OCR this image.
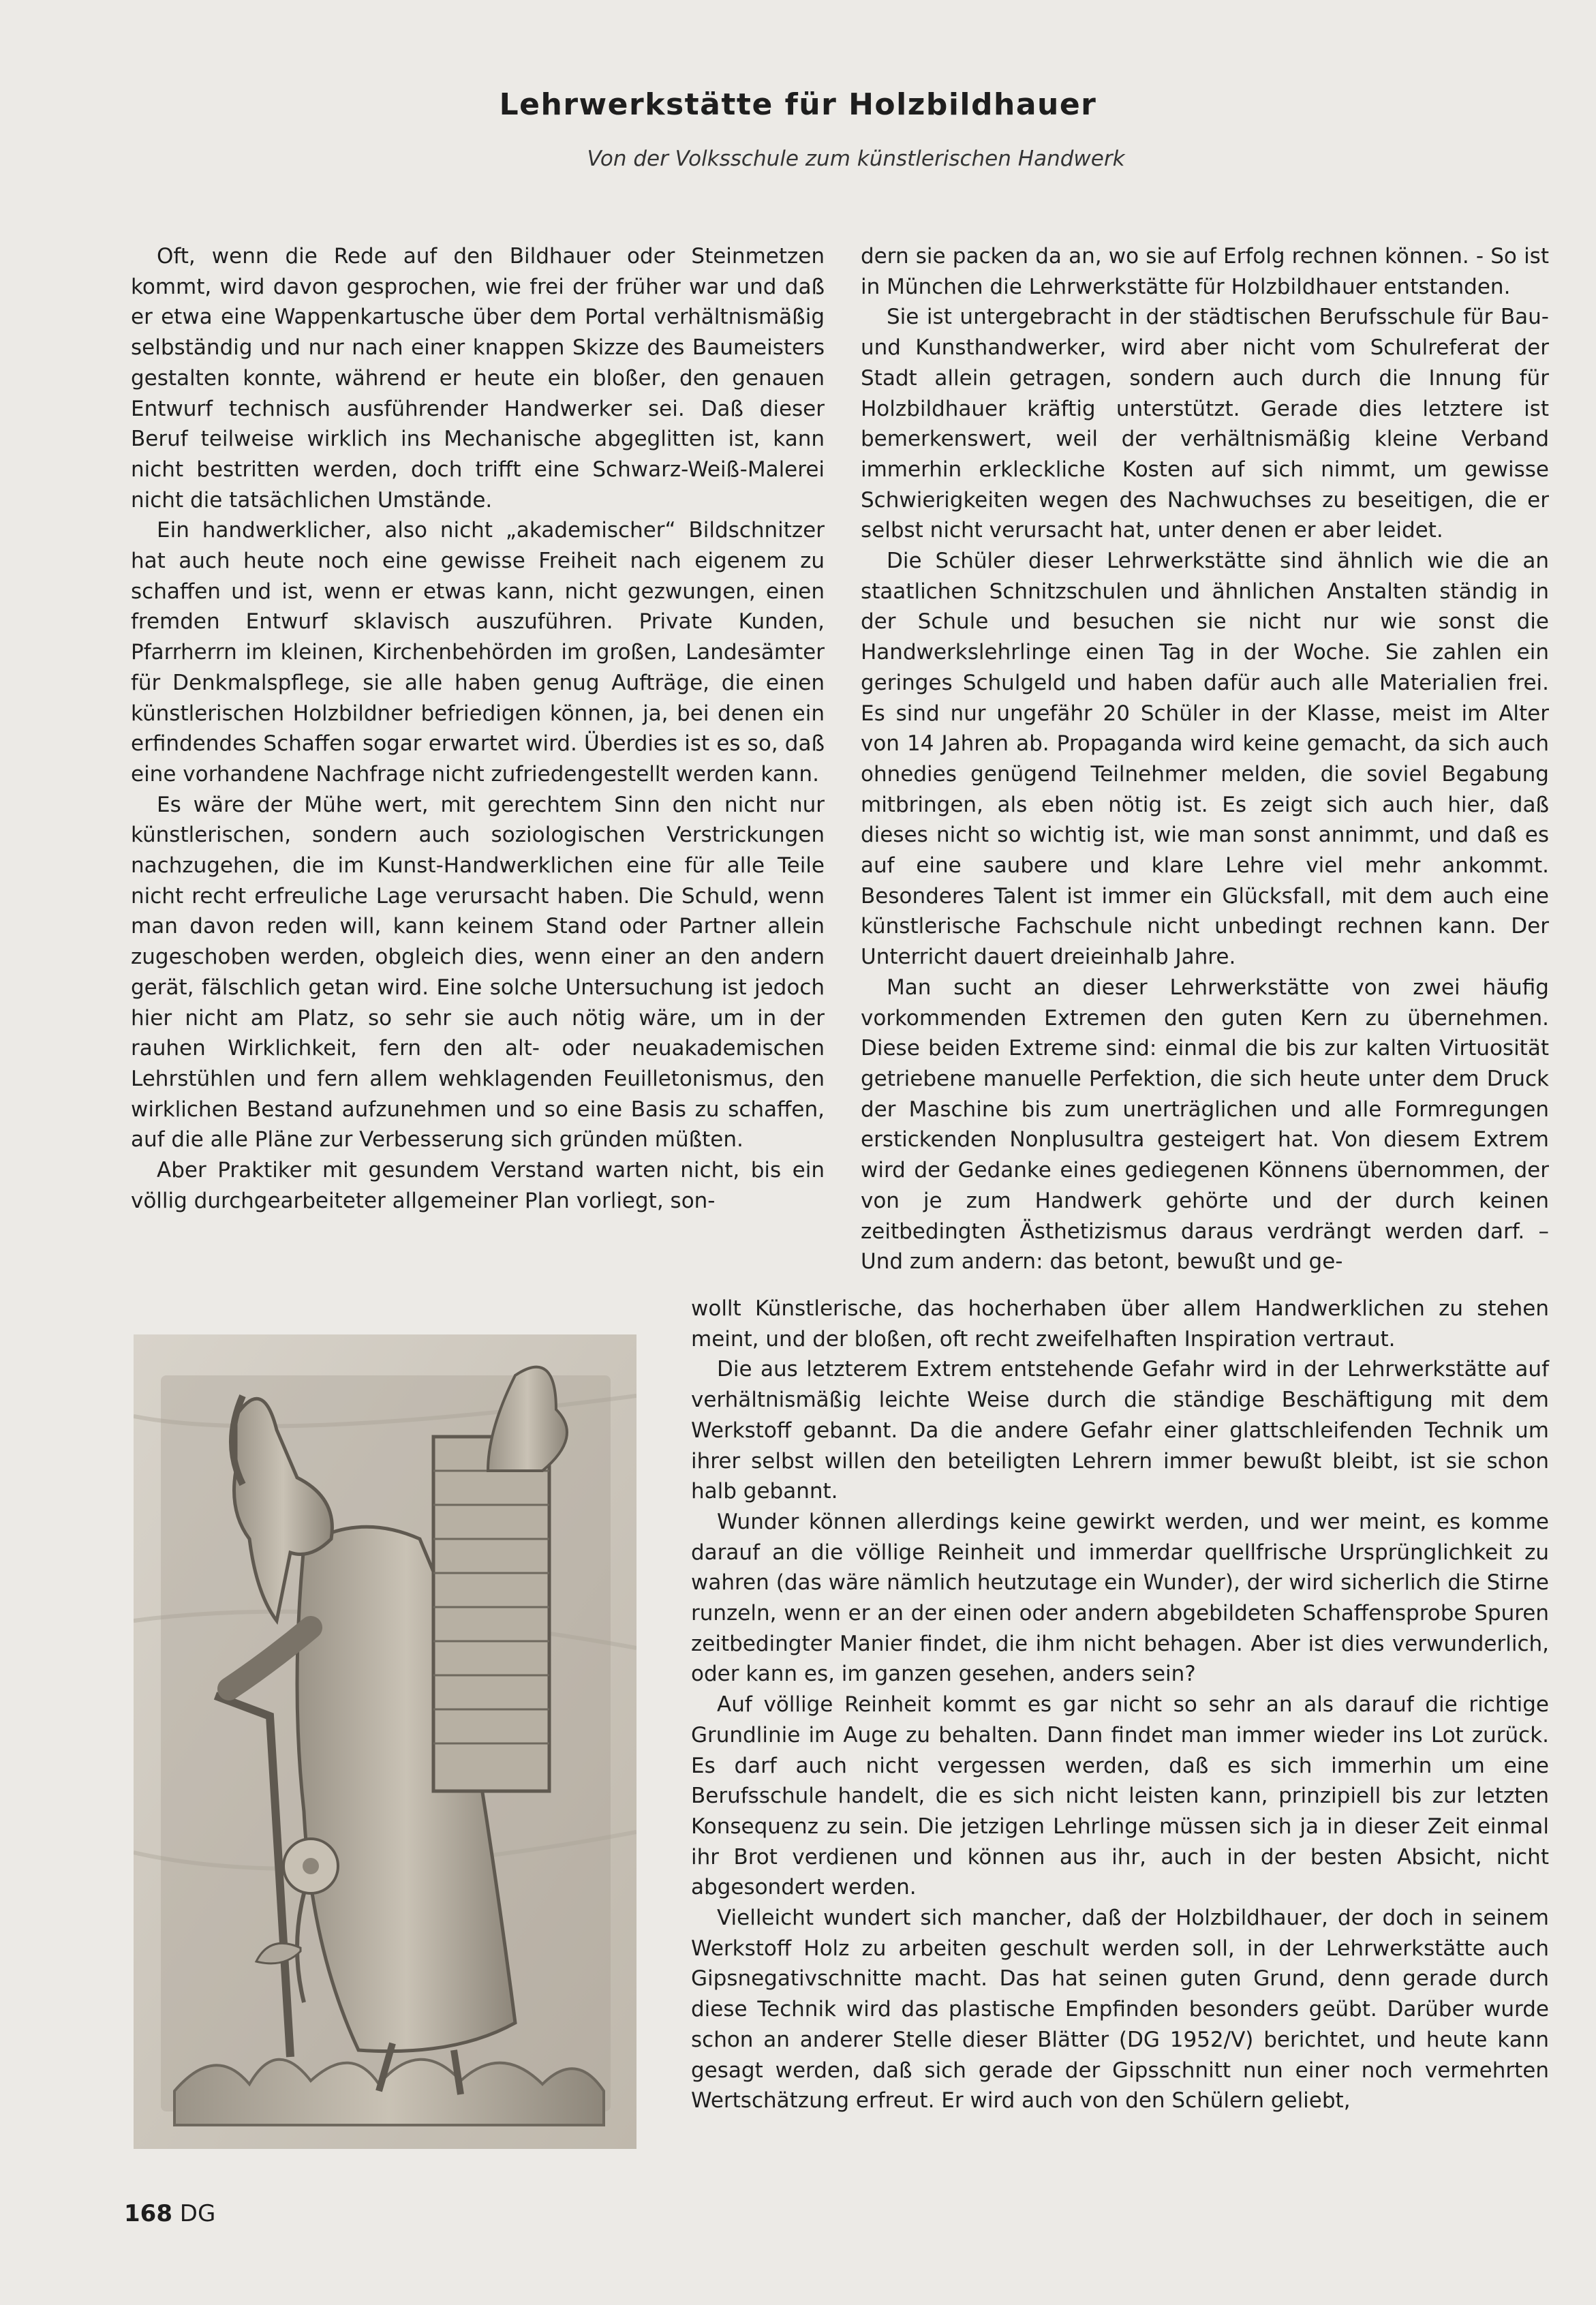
Lehrwerkstätte für Holzbildhauer
Von der Volksschule zum künstlerischen Handwerk

Oft, wenn die Rede auf den Bildhauer oder Steinmetzen kommt, wird davon gesprochen, wie frei der früher war und daß er etwa eine Wappenkartusche über dem Portal verhältnismäßig selbständig und nur nach einer knappen Skizze des Baumeisters gestalten konnte, während er heute ein bloßer, den genauen Entwurf technisch ausführender Handwerker sei. Daß dieser Beruf teilweise wirklich ins Mechanische abgeglitten ist, kann nicht bestritten werden, doch trifft eine Schwarz-Weiß-Malerei nicht die tatsächlichen Umstände.

Ein handwerklicher, also nicht „akademischer“ Bildschnitzer hat auch heute noch eine gewisse Freiheit nach eigenem zu schaffen und ist, wenn er etwas kann, nicht gezwungen, einen fremden Entwurf sklavisch auszuführen. Private Kunden, Pfarrherrn im kleinen, Kirchenbehörden im großen, Landesämter für Denkmalspflege, sie alle haben genug Aufträge, die einen künstlerischen Holzbildner befriedigen können, ja, bei denen ein erfindendes Schaffen sogar erwartet wird. Überdies ist es so, daß eine vorhandene Nachfrage nicht zufriedengestellt werden kann.

Es wäre der Mühe wert, mit gerechtem Sinn den nicht nur künstlerischen, sondern auch soziologischen Verstrickungen nachzugehen, die im Kunst-Handwerklichen eine für alle Teile nicht recht erfreuliche Lage verursacht haben. Die Schuld, wenn man davon reden will, kann keinem Stand oder Partner allein zugeschoben werden, obgleich dies, wenn einer an den andern gerät, fälschlich getan wird. Eine solche Untersuchung ist jedoch hier nicht am Platz, so sehr sie auch nötig wäre, um in der rauhen Wirklichkeit, fern den alt- oder neuakademischen Lehrstühlen und fern allem wehklagenden Feuilletonismus, den wirklichen Bestand aufzunehmen und so eine Basis zu schaffen, auf die alle Pläne zur Verbesserung sich gründen müßten.

Aber Praktiker mit gesundem Verstand warten nicht, bis ein völlig durchgearbeiteter allgemeiner Plan vorliegt, son-

dern sie packen da an, wo sie auf Erfolg rechnen können. - So ist in München die Lehrwerkstätte für Holzbildhauer entstanden.

Sie ist untergebracht in der städtischen Berufsschule für Bau- und Kunsthandwerker, wird aber nicht vom Schulreferat der Stadt allein getragen, sondern auch durch die Innung für Holzbildhauer kräftig unterstützt. Gerade dies letztere ist bemerkenswert, weil der verhältnismäßig kleine Verband immerhin erkleckliche Kosten auf sich nimmt, um gewisse Schwierigkeiten wegen des Nachwuchses zu beseitigen, die er selbst nicht verursacht hat, unter denen er aber leidet.

Die Schüler dieser Lehrwerkstätte sind ähnlich wie die an staatlichen Schnitzschulen und ähnlichen Anstalten ständig in der Schule und besuchen sie nicht nur wie sonst die Handwerkslehrlinge einen Tag in der Woche. Sie zahlen ein geringes Schulgeld und haben dafür auch alle Materialien frei. Es sind nur ungefähr 20 Schüler in der Klasse, meist im Alter von 14 Jahren ab. Propaganda wird keine gemacht, da sich auch ohnedies genügend Teilnehmer melden, die soviel Begabung mitbringen, als eben nötig ist. Es zeigt sich auch hier, daß dieses nicht so wichtig ist, wie man sonst annimmt, und daß es auf eine saubere und klare Lehre viel mehr ankommt. Besonderes Talent ist immer ein Glücksfall, mit dem auch eine künstlerische Fachschule nicht unbedingt rechnen kann. Der Unterricht dauert dreieinhalb Jahre.

Man sucht an dieser Lehrwerkstätte von zwei häufig vorkommenden Extremen den guten Kern zu übernehmen. Diese beiden Extreme sind: einmal die bis zur kalten Virtuosität getriebene manuelle Perfektion, die sich heute unter dem Druck der Maschine bis zum unerträglichen und alle Formregungen erstickenden Nonplusultra gesteigert hat. Von diesem Extrem wird der Gedanke eines gediegenen Könnens übernommen, der von je zum Handwerk gehörte und der durch keinen zeitbedingten Ästhetizismus daraus verdrängt werden darf. – Und zum andern: das betont, bewußt und ge-

wollt Künstlerische, das hocherhaben über allem Handwerklichen zu stehen meint, und der bloßen, oft recht zweifelhaften Inspiration vertraut.

Die aus letzterem Extrem entstehende Gefahr wird in der Lehrwerkstätte auf verhältnismäßig leichte Weise durch die ständige Beschäftigung mit dem Werkstoff gebannt. Da die andere Gefahr einer glattschleifenden Technik um ihrer selbst willen den beteiligten Lehrern immer bewußt bleibt, ist sie schon halb gebannt.

Wunder können allerdings keine gewirkt werden, und wer meint, es komme darauf an die völlige Reinheit und immerdar quellfrische Ursprünglichkeit zu wahren (das wäre nämlich heutzutage ein Wunder), der wird sicherlich die Stirne runzeln, wenn er an der einen oder andern abgebildeten Schaffensprobe Spuren zeitbedingter Manier findet, die ihm nicht behagen. Aber ist dies verwunderlich, oder kann es, im ganzen gesehen, anders sein?

Auf völlige Reinheit kommt es gar nicht so sehr an als darauf die richtige Grundlinie im Auge zu behalten. Dann findet man immer wieder ins Lot zurück. Es darf auch nicht vergessen werden, daß es sich immerhin um eine Berufsschule handelt, die es sich nicht leisten kann, prinzipiell bis zur letzten Konsequenz zu sein. Die jetzigen Lehrlinge müssen sich ja in dieser Zeit einmal ihr Brot verdienen und können aus ihr, auch in der besten Absicht, nicht abgesondert werden.

Vielleicht wundert sich mancher, daß der Holzbildhauer, der doch in seinem Werkstoff Holz zu arbeiten geschult werden soll, in der Lehrwerkstätte auch Gipsnegativschnitte macht. Das hat seinen guten Grund, denn gerade durch diese Technik wird das plastische Empfinden besonders geübt. Darüber wurde schon an anderer Stelle dieser Blätter (DG 1952/V) berichtet, und heute kann gesagt werden, daß sich gerade der Gipsschnitt nun einer noch vermehrten Wertschätzung erfreut. Er wird auch von den Schülern geliebt,

168 DG
